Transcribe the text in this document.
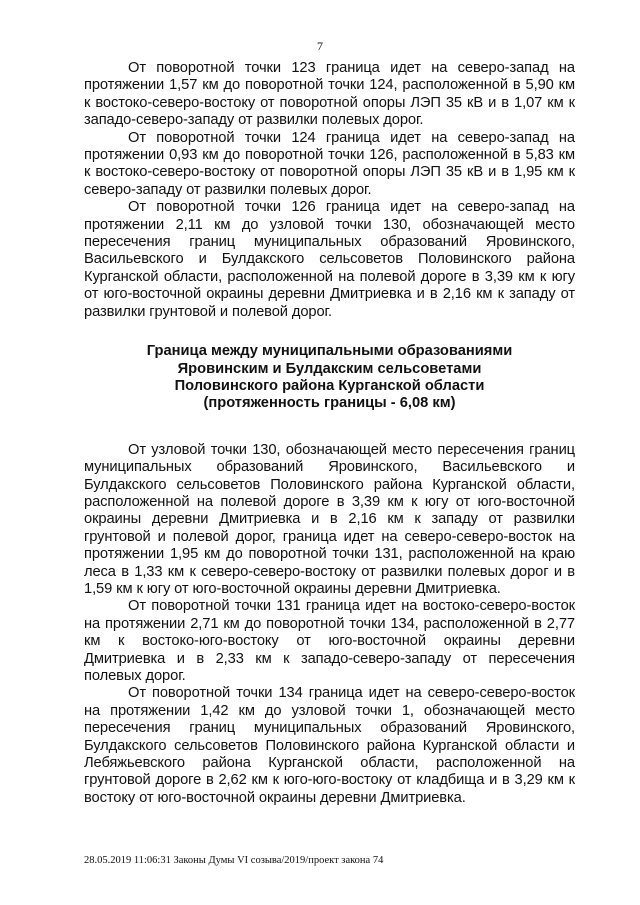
7

От поворотной точки 123 граница идет на северо-запад на протяжении 1,57 км до поворотной точки 124, расположенной в 5,90 км к востоко-северо-востоку от поворотной опоры ЛЭП 35 кВ и в 1,07 км к западо-северо-западу от развилки полевых дорог.

От поворотной точки 124 граница идет на северо-запад на протяжении 0,93 км до поворотной точки 126, расположенной в 5,83 км к востоко-северо-востоку от поворотной опоры ЛЭП 35 кВ и в 1,95 км к северо-западу от развилки полевых дорог.

От поворотной точки 126 граница идет на северо-запад на протяжении 2,11 км до узловой точки 130, обозначающей место пересечения границ муниципальных образований Яровинского, Васильевского и Булдакского сельсоветов Половинского района Курганской области, расположенной на полевой дороге в 3,39 км к югу от юго-восточной окраины деревни Дмитриевка и в 2,16 км к западу от развилки грунтовой и полевой дорог.

Граница между муниципальными образованиями
Яровинским и Булдакским сельсоветами
Половинского района Курганской области
(протяженность границы - 6,08 км)

От узловой точки 130, обозначающей место пересечения границ муниципальных образований Яровинского, Васильевского и Булдакского сельсоветов Половинского района Курганской области, расположенной на полевой дороге в 3,39 км к югу от юго-восточной окраины деревни Дмитриевка и в 2,16 км к западу от развилки грунтовой и полевой дорог, граница идет на северо-северо-восток на протяжении 1,95 км до поворотной точки 131, расположенной на краю леса в 1,33 км к северо-северо-востоку от развилки полевых дорог и в 1,59 км к югу от юго-восточной окраины деревни Дмитриевка.

От поворотной точки 131 граница идет на востоко-северо-восток на протяжении 2,71 км до поворотной точки 134, расположенной в 2,77 км к востоко-юго-востоку от юго-восточной окраины деревни Дмитриевка и в 2,33 км к западо-северо-западу от пересечения полевых дорог.

От поворотной точки 134 граница идет на северо-северо-восток на протяжении 1,42 км до узловой точки 1, обозначающей место пересечения границ муниципальных образований Яровинского, Булдакского сельсоветов Половинского района Курганской области и Лебяжьевского района Курганской области, расположенной на грунтовой дороге в 2,62 км к юго-юго-востоку от кладбища и в 3,29 км к востоку от юго-восточной окраины деревни Дмитриевка.

28.05.2019 11:06:31 Законы Думы VI созыва/2019/проект закона 74
